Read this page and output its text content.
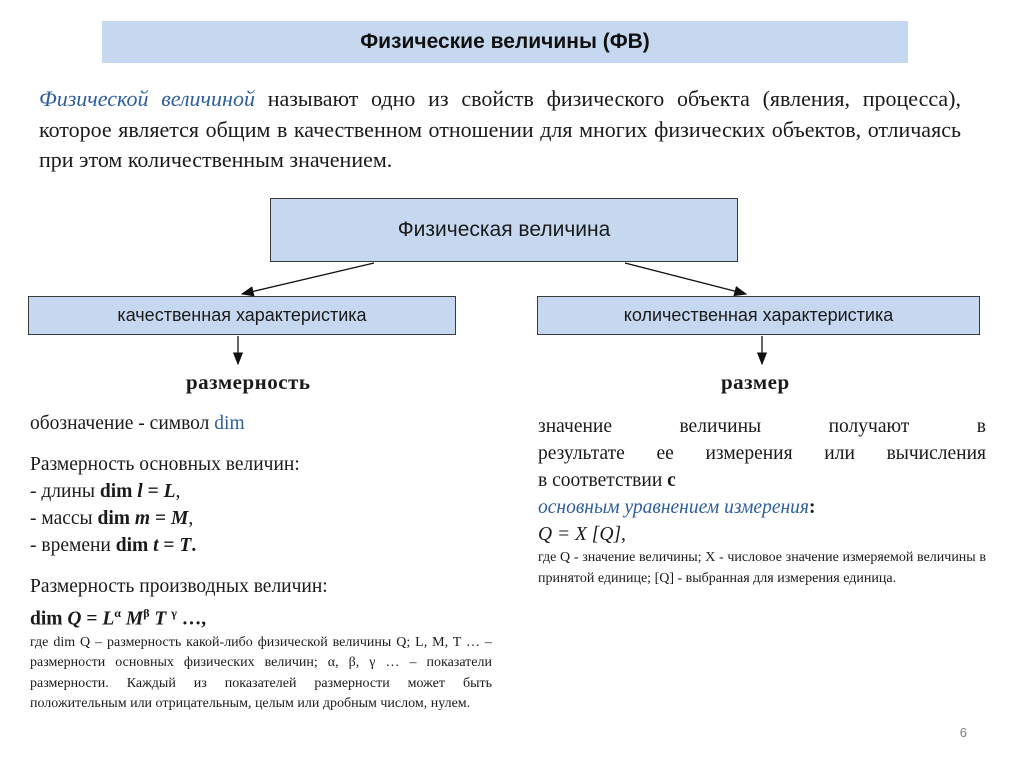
Физические величины (ФВ)

Физической величиной называют одно из свойств физического объекта (явления, процесса), которое является общим в качественном отношении для многих физических объектов, отличаясь при этом количественным значением.

Физическая величина
качественная характеристика	количественная характеристика
размерность	размер
обозначение - символ dim
Размерность основных величин:
- длины dim l = L,
- массы dim m = M,
- времени dim t = T.
Размерность производных величин:
dim $Q = L^\alpha$ $M^\beta$ T $^\gamma$ …,
где dim Q – размерность какой-либо физической величины Q; L, M, T … – размерности основных физических величин; α, β, γ … – показатели размерности. Каждый из показателей размерности может быть положительным или отрицательным, целым или дробным числом, нулем.
значение величины получают в
результате ее измерения или вычисления
в соответствии с
основным уравнением измерения:
Q = X [Q],
где Q - значение величины; X - числовое значение измеряемой величины в принятой единице; [Q] - выбранная для измерения единица.
6
